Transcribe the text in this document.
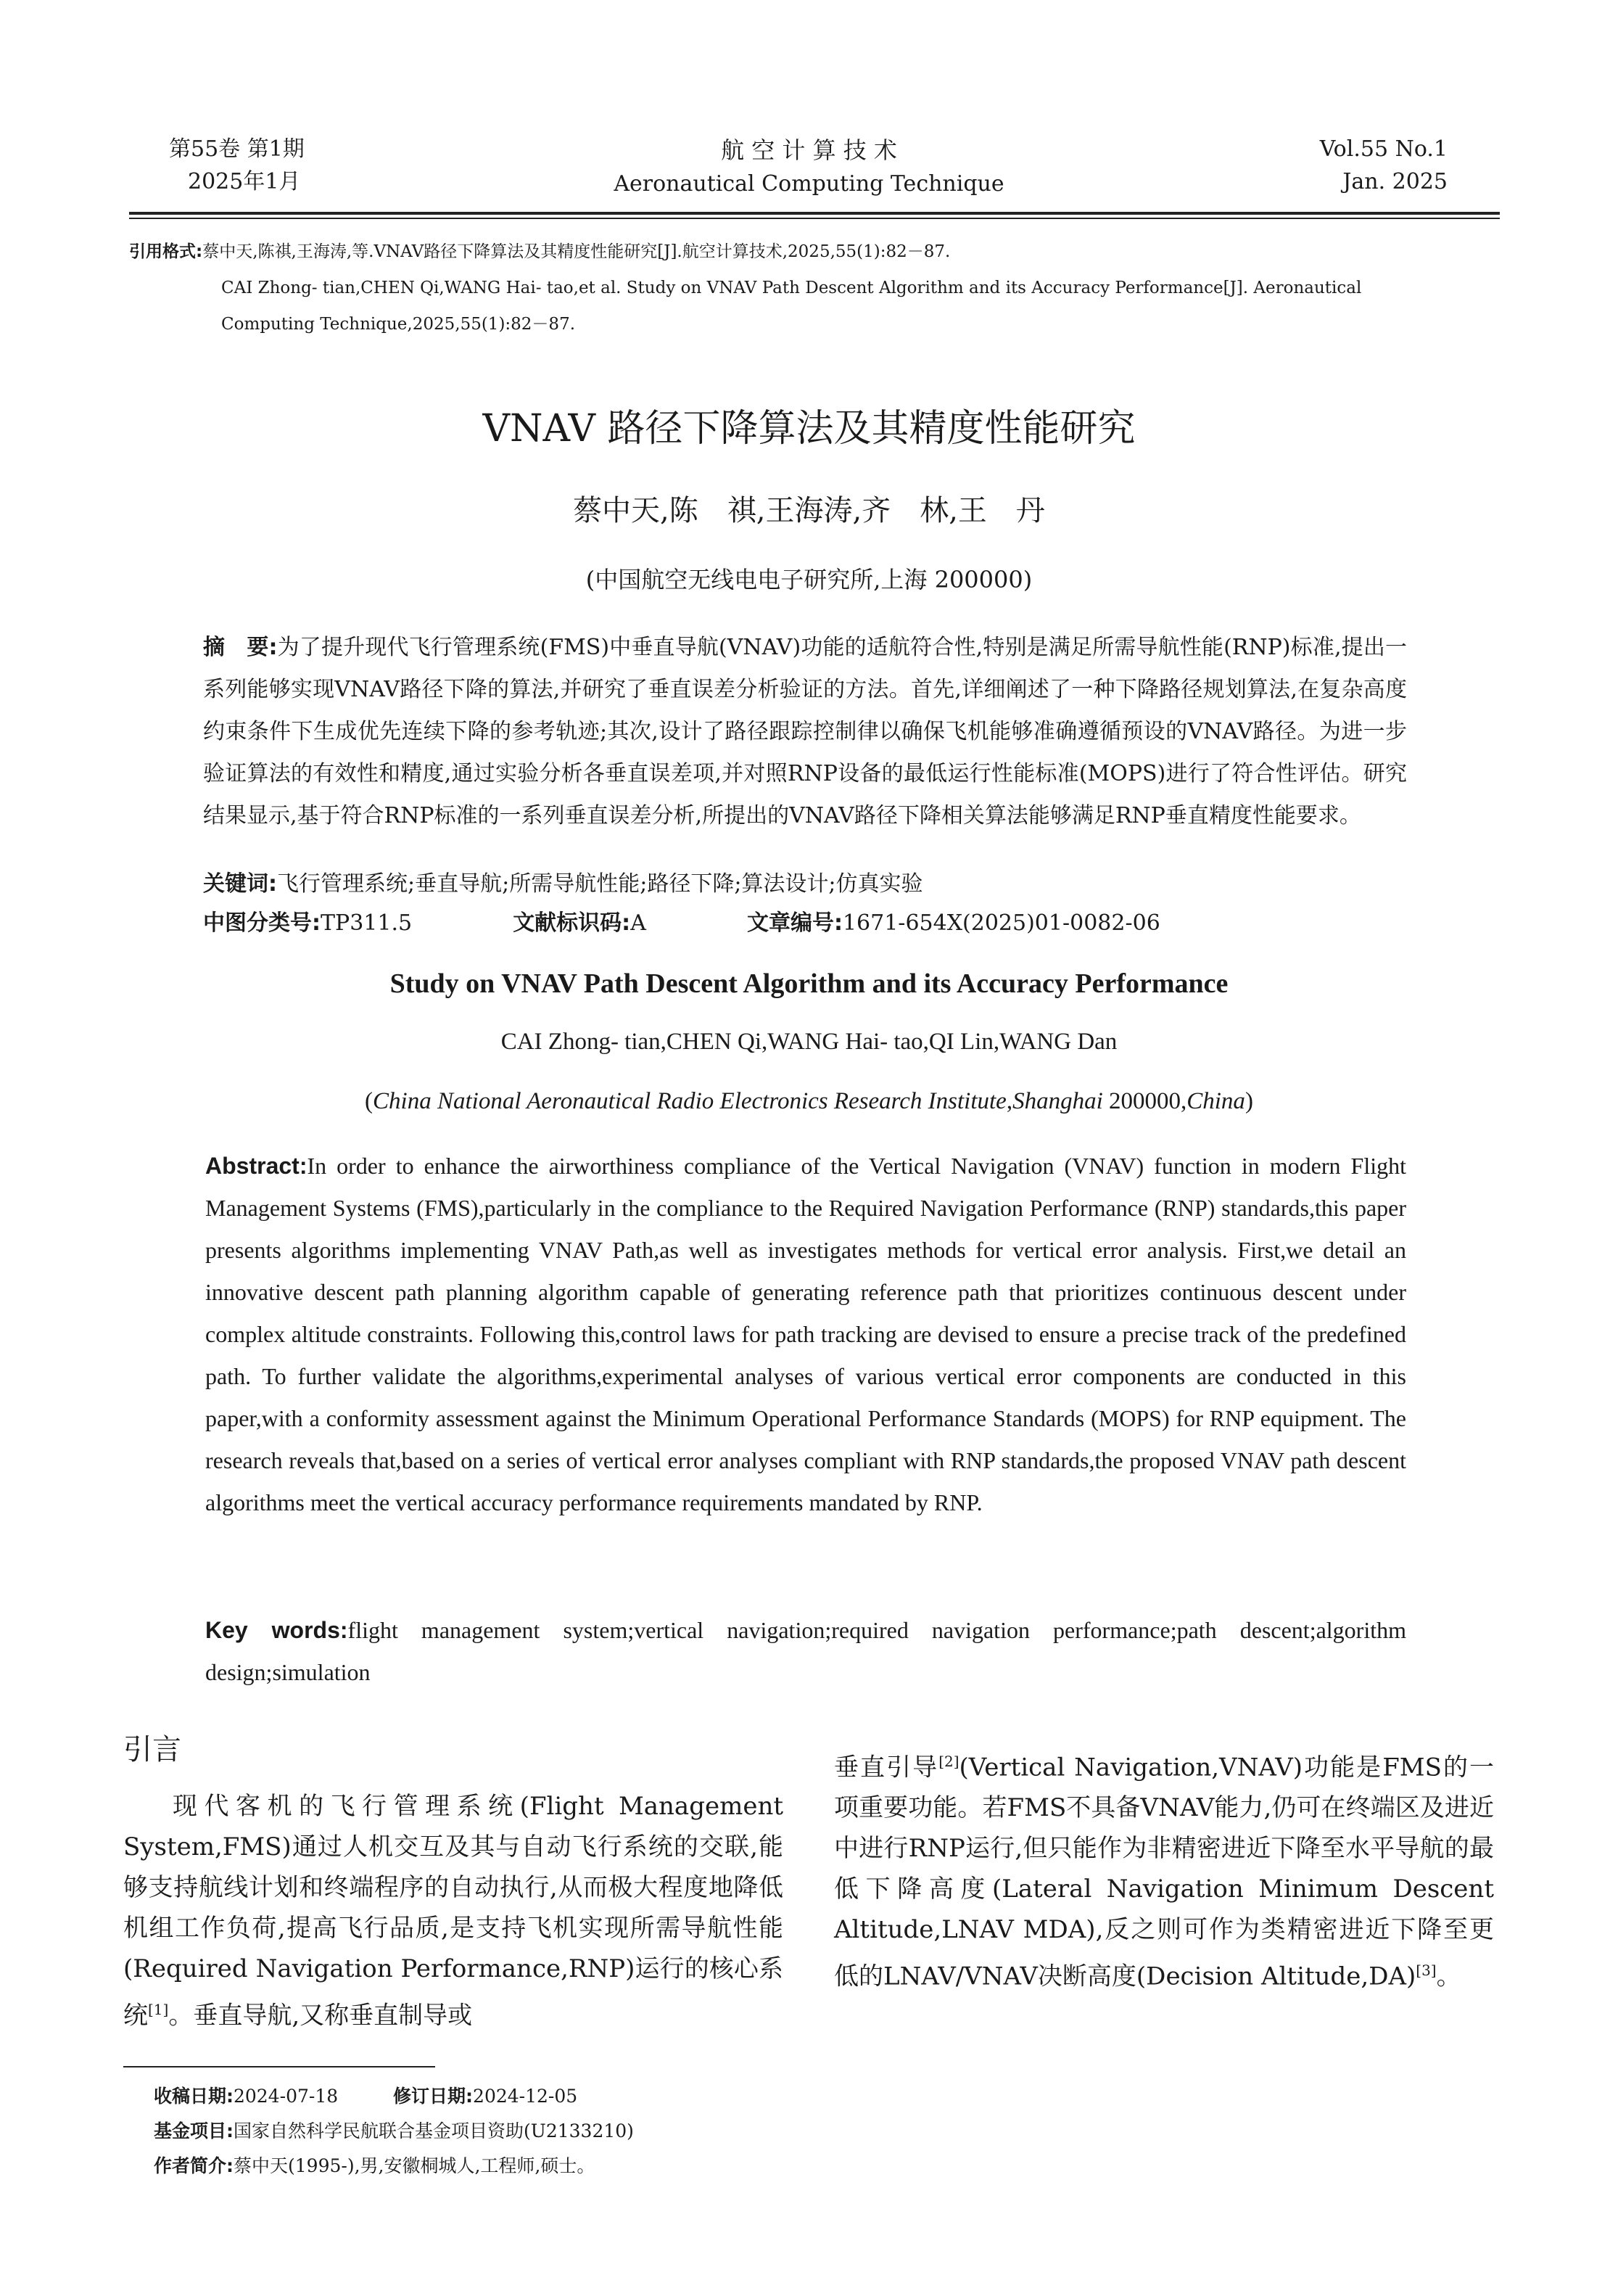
第55卷 第1期
2025年1月
航 空 计 算 技 术
Aeronautical Computing Technique
Vol.55 No.1
Jan. 2025
引用格式:蔡中天,陈祺,王海涛,等.VNAV路径下降算法及其精度性能研究[J].航空计算技术,2025,55(1):82－87.
CAI Zhong- tian,CHEN Qi,WANG Hai- tao,et al. Study on VNAV Path Descent Algorithm and its Accuracy Performance[J]. Aeronautical
Computing Technique,2025,55(1):82－87.
VNAV 路径下降算法及其精度性能研究
蔡中天,陈　祺,王海涛,齐　林,王　丹
(中国航空无线电电子研究所,上海 200000)
摘　要:为了提升现代飞行管理系统(FMS)中垂直导航(VNAV)功能的适航符合性,特别是满足所需导航性能(RNP)标准,提出一系列能够实现VNAV路径下降的算法,并研究了垂直误差分析验证的方法。首先,详细阐述了一种下降路径规划算法,在复杂高度约束条件下生成优先连续下降的参考轨迹;其次,设计了路径跟踪控制律以确保飞机能够准确遵循预设的VNAV路径。为进一步验证算法的有效性和精度,通过实验分析各垂直误差项,并对照RNP设备的最低运行性能标准(MOPS)进行了符合性评估。研究结果显示,基于符合RNP标准的一系列垂直误差分析,所提出的VNAV路径下降相关算法能够满足RNP垂直精度性能要求。
关键词:飞行管理系统;垂直导航;所需导航性能;路径下降;算法设计;仿真实验
中图分类号:TP311.5	文献标识码:A	文章编号:1671-654X(2025)01-0082-06
Study on VNAV Path Descent Algorithm and its Accuracy Performance
CAI Zhong- tian,CHEN Qi,WANG Hai- tao,QI Lin,WANG Dan
(China National Aeronautical Radio Electronics Research Institute,Shanghai 200000,China)
Abstract:In order to enhance the airworthiness compliance of the Vertical Navigation (VNAV) function in modern Flight Management Systems (FMS),particularly in the compliance to the Required Navigation Performance (RNP) standards,this paper presents algorithms implementing VNAV Path,as well as investigates methods for vertical error analysis. First,we detail an innovative descent path planning algorithm capable of generating reference path that prioritizes continuous descent under complex altitude constraints. Following this,control laws for path tracking are devised to ensure a precise track of the predefined path. To further validate the algorithms,experimental analyses of various vertical error components are conducted in this paper,with a conformity assessment against the Minimum Operational Performance Standards (MOPS) for RNP equipment. The research reveals that,based on a series of vertical error analyses compliant with RNP standards,the proposed VNAV path descent algorithms meet the vertical accuracy performance requirements mandated by RNP.
Key words:flight management system;vertical navigation;required navigation performance;path descent;algorithm design;simulation
引言

现代客机的飞行管理系统(Flight Management System,FMS)通过人机交互及其与自动飞行系统的交联,能够支持航线计划和终端程序的自动执行,从而极大程度地降低机组工作负荷,提高飞行品质,是支持飞机实现所需导航性能(Required Navigation Performance,RNP)运行的核心系统[1]。垂直导航,又称垂直制导或

垂直引导[2](Vertical Navigation,VNAV)功能是FMS的一项重要功能。若FMS不具备VNAV能力,仍可在终端区及进近中进行RNP运行,但只能作为非精密进近下降至水平导航的最低下降高度(Lateral Navigation Minimum Descent Altitude,LNAV MDA),反之则可作为类精密进近下降至更低的LNAV/VNAV决断高度(Decision Altitude,DA)[3]。

收稿日期:2024-07-18	修订日期:2024-12-05
基金项目:国家自然科学民航联合基金项目资助(U2133210)
作者简介:蔡中天(1995-),男,安徽桐城人,工程师,硕士。
